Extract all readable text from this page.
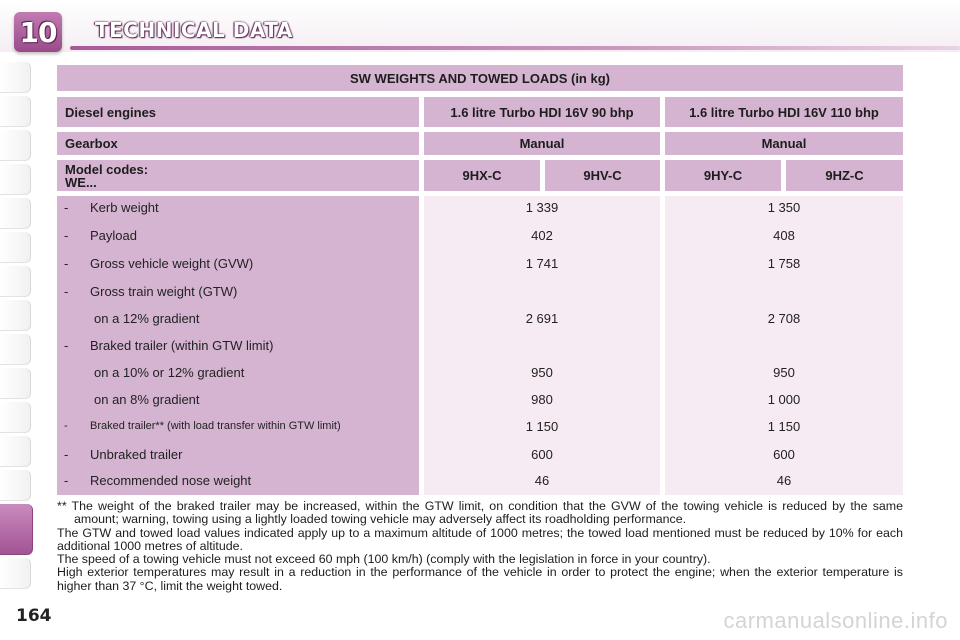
10 TECHNICAL DATA
SW WEIGHTS AND TOWED LOADS (in kg)
Diesel engines	1.6 litre Turbo HDI 16V 90 bhp	1.6 litre Turbo HDI 16V 110 bhp
Gearbox	Manual	Manual
Model codes:
WE...	9HX-C	9HV-C	9HY-C	9HZ-C
- Kerb weight	1 339	1 350
- Payload	402	408
- Gross vehicle weight (GVW)	1 741	1 758
- Gross train weight (GTW)
on a 12% gradient	2 691	2 708
- Braked trailer (within GTW limit)
on a 10% or 12% gradient	950	950
on an 8% gradient	980	1 000
- Braked trailer** (with load transfer within GTW limit)	1 150	1 150
- Unbraked trailer	600	600
- Recommended nose weight	46	46

** The weight of the braked trailer may be increased, within the GTW limit, on condition that the GVW of the towing vehicle is reduced by the same amount; warning, towing using a lightly loaded towing vehicle may adversely affect its roadholding performance.

The GTW and towed load values indicated apply up to a maximum altitude of 1000 metres; the towed load mentioned must be reduced by 10% for each additional 1000 metres of altitude.

The speed of a towing vehicle must not exceed 60 mph (100 km/h) (comply with the legislation in force in your country).

High exterior temperatures may result in a reduction in the performance of the vehicle in order to protect the engine; when the exterior temperature is higher than 37 °C, limit the weight towed.

164	carmanualsonline.info
